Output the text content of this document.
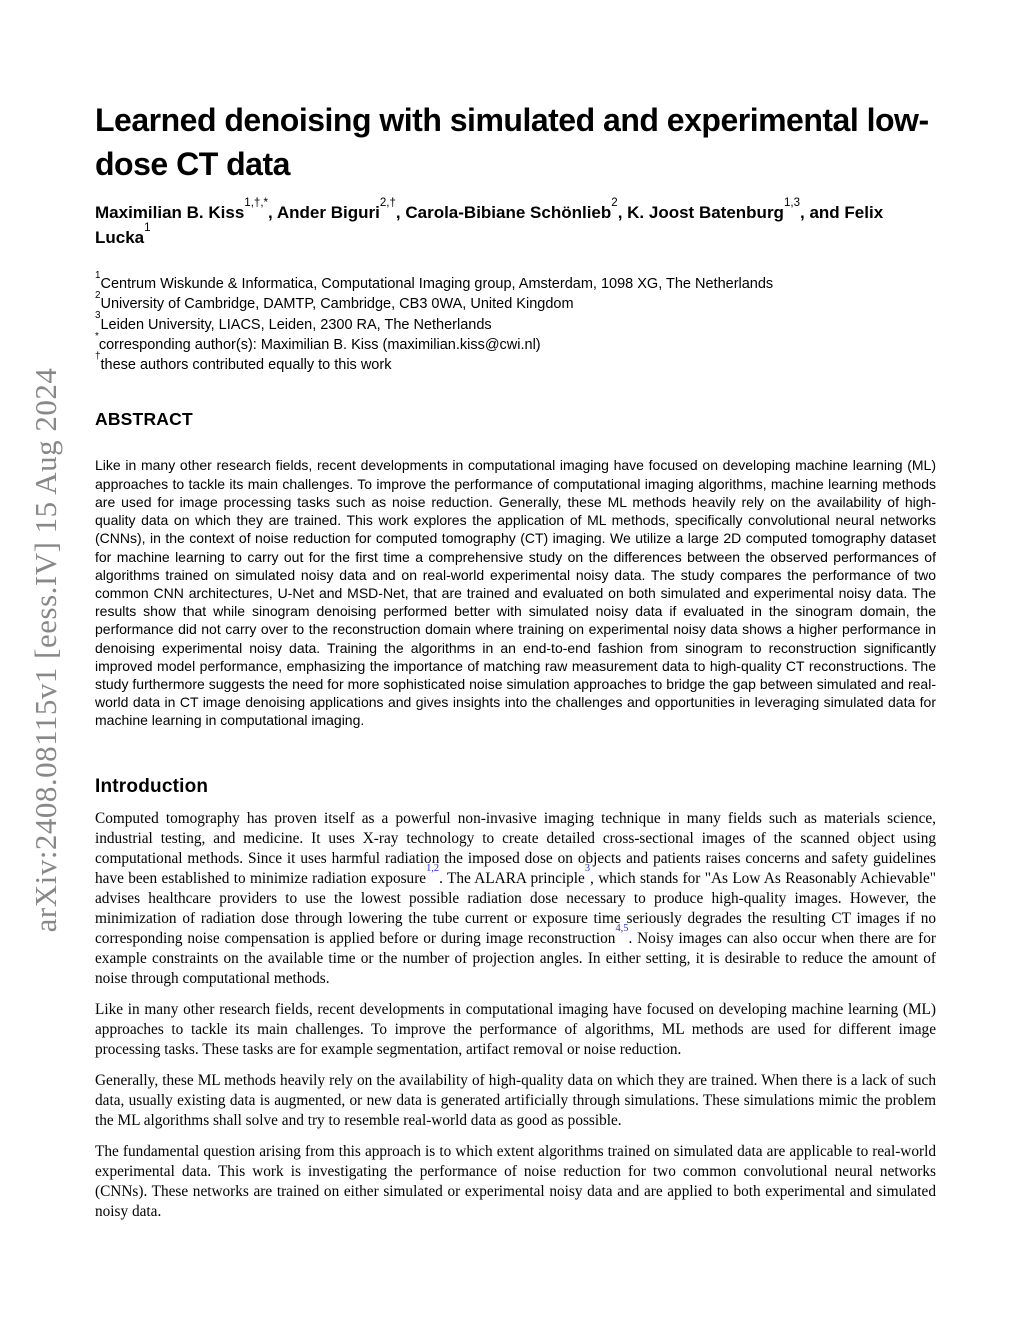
arXiv:2408.08115v1 [eess.IV] 15 Aug 2024
Learned denoising with simulated and experimental low-dose CT data

Maximilian B. Kiss$^{1,\dagger,*}$, Ander Biguri$^{2,\dagger}$, Carola-Bibiane Schönlieb$^2$, K. Joost Batenburg$^{1,3}$, and Felix Lucka$^1$

$^1$Centrum Wiskunde & Informatica, Computational Imaging group, Amsterdam, 1098 XG, The Netherlands
$^2$University of Cambridge, DAMTP, Cambridge, CB3 0WA, United Kingdom
$^3$Leiden University, LIACS, Leiden, 2300 RA, The Netherlands
*corresponding author(s): Maximilian B. Kiss (maximilian.kiss@cwi.nl)
†these authors contributed equally to this work
ABSTRACT

Like in many other research fields, recent developments in computational imaging have focused on developing machine learning (ML) approaches to tackle its main challenges. To improve the performance of computational imaging algorithms, machine learning methods are used for image processing tasks such as noise reduction. Generally, these ML methods heavily rely on the availability of high-quality data on which they are trained. This work explores the application of ML methods, specifically convolutional neural networks (CNNs), in the context of noise reduction for computed tomography (CT) imaging. We utilize a large 2D computed tomography dataset for machine learning to carry out for the first time a comprehensive study on the differences between the observed performances of algorithms trained on simulated noisy data and on real-world experimental noisy data. The study compares the performance of two common CNN architectures, U-Net and MSD-Net, that are trained and evaluated on both simulated and experimental noisy data. The results show that while sinogram denoising performed better with simulated noisy data if evaluated in the sinogram domain, the performance did not carry over to the reconstruction domain where training on experimental noisy data shows a higher performance in denoising experimental noisy data. Training the algorithms in an end-to-end fashion from sinogram to reconstruction significantly improved model performance, emphasizing the importance of matching raw measurement data to high-quality CT reconstructions. The study furthermore suggests the need for more sophisticated noise simulation approaches to bridge the gap between simulated and real-world data in CT image denoising applications and gives insights into the challenges and opportunities in leveraging simulated data for machine learning in computational imaging.

Introduction

Computed tomography has proven itself as a powerful non-invasive imaging technique in many fields such as materials science, industrial testing, and medicine. It uses X-ray technology to create detailed cross-sectional images of the scanned object using computational methods. Since it uses harmful radiation the imposed dose on objects and patients raises concerns and safety guidelines have been established to minimize radiation exposure$^{1,2}$. The ALARA principle$^3$, which stands for "As Low As Reasonably Achievable" advises healthcare providers to use the lowest possible radiation dose necessary to produce high-quality images. However, the minimization of radiation dose through lowering the tube current or exposure time seriously degrades the resulting CT images if no corresponding noise compensation is applied before or during image reconstruction$^{4,5}$. Noisy images can also occur when there are for example constraints on the available time or the number of projection angles. In either setting, it is desirable to reduce the amount of noise through computational methods.

Like in many other research fields, recent developments in computational imaging have focused on developing machine learning (ML) approaches to tackle its main challenges. To improve the performance of algorithms, ML methods are used for different image processing tasks. These tasks are for example segmentation, artifact removal or noise reduction.

Generally, these ML methods heavily rely on the availability of high-quality data on which they are trained. When there is a lack of such data, usually existing data is augmented, or new data is generated artificially through simulations. These simulations mimic the problem the ML algorithms shall solve and try to resemble real-world data as good as possible.

The fundamental question arising from this approach is to which extent algorithms trained on simulated data are applicable to real-world experimental data. This work is investigating the performance of noise reduction for two common convolutional neural networks (CNNs). These networks are trained on either simulated or experimental noisy data and are applied to both experimental and simulated noisy data.
